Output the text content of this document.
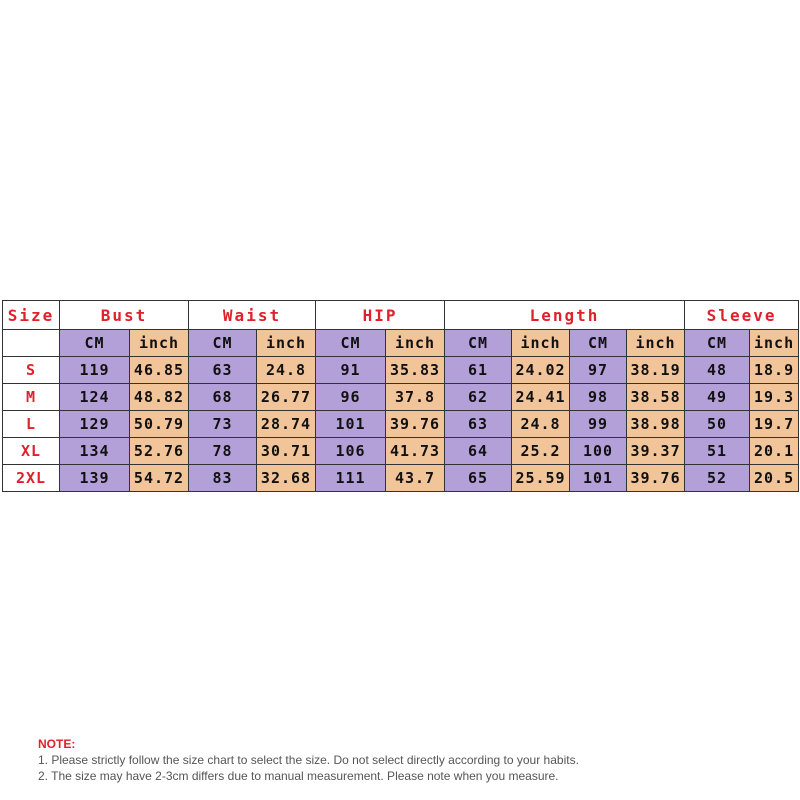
Size	Bust		Waist		HIP		Length				Sleeve	
	CM	inch	CM	inch	CM	inch	CM	inch	CM	inch	CM	inch
S	119	46.85	63	24.8	91	35.83	61	24.02	97	38.19	48	18.9
M	124	48.82	68	26.77	96	37.8	62	24.41	98	38.58	49	19.3
L	129	50.79	73	28.74	101	39.76	63	24.8	99	38.98	50	19.7
XL	134	52.76	78	30.71	106	41.73	64	25.2	100	39.37	51	20.1
2XL	139	54.72	83	32.68	111	43.7	65	25.59	101	39.76	52	20.5
NOTE:
1. Please strictly follow the size chart to select the size. Do not select directly according to your habits.
2. The size may have 2-3cm differs due to manual measurement. Please note when you measure.
